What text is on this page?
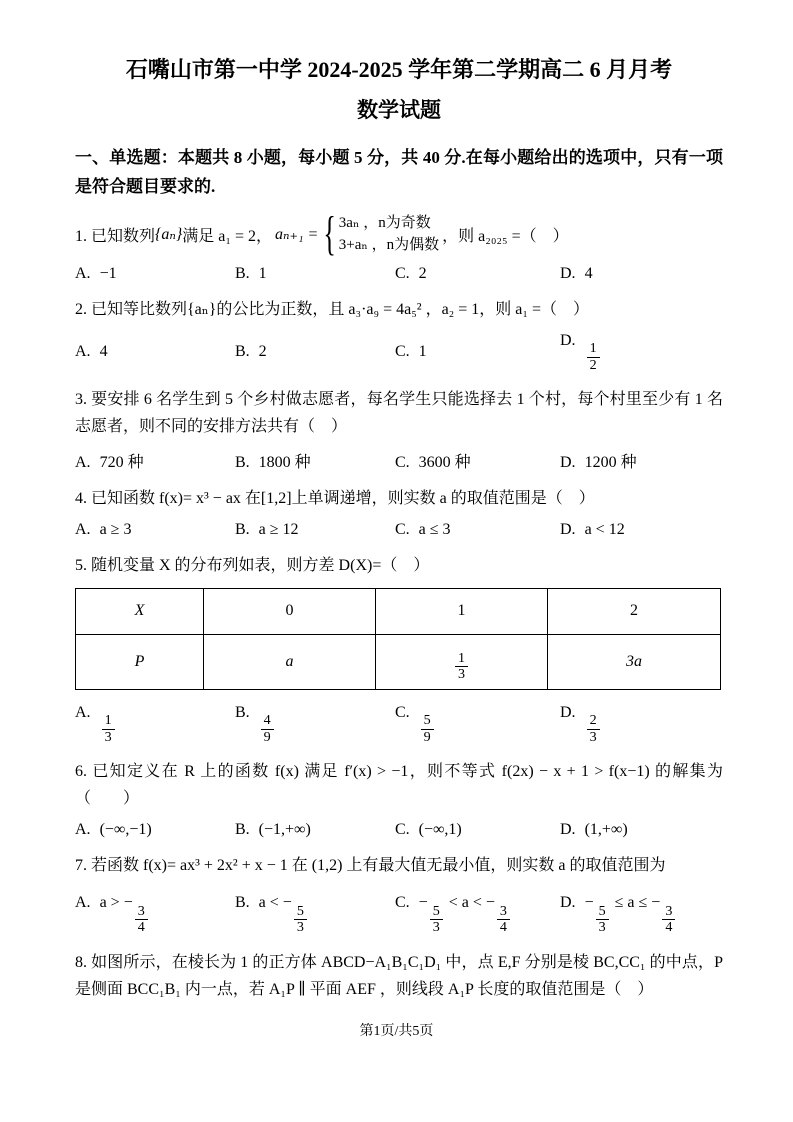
石嘴山市第一中学 2024-2025 学年第二学期高二 6 月月考
数学试题

一、单选题：本题共 8 小题，每小题 5 分，共 40 分.在每小题给出的选项中，只有一项是符合题目要求的.

1. 已知数列 {aₙ} 满足 a₁ = 2， aₙ₊₁ = { 3aₙ ，n为奇数
3+aₙ ，n为偶数
，则 a₂₀₂₅ =（　）
A. −1	B. 1	C. 2	D. 4

2. 已知等比数列{aₙ}的公比为正数，且 a₃·a₉ = 4a₅² ，a₂ = 1，则 a₁ =（　）

A. 4	B. 2	C. 1
D.
$\frac{1}{2}$

3. 要安排 6 名学生到 5 个乡村做志愿者，每名学生只能选择去 1 个村，每个村里至少有 1 名志愿者，则不同的安排方法共有（　）

A. 720 种	B. 1800 种	C. 3600 种	D. 1200 种

4. 已知函数 f(x)= x³ − ax 在[1,2]上单调递增，则实数 a 的取值范围是（　）

A. a ≥ 3	B. a ≥ 12	C. a ≤ 3	D. a < 12

5. 随机变量 X 的分布列如表，则方差 D(X)=（　）

X	0	1	2
P	a	$\frac{1}{3}$	3a
A.
$\frac{1}{3}$
B.
$\frac{4}{9}$
C.
$\frac{5}{9}$
D.
$\frac{2}{3}$

6. 已知定义在 R 上的函数 f(x) 满足 f′(x) > −1，则不等式 f(2x) − x + 1 > f(x−1) 的解集为（　　）

A. (−∞,−1)	B. (−1,+∞)	C. (−∞,1)	D. (1,+∞)

7. 若函数 f(x)= ax³ + 2x² + x − 1 在 (1,2) 上有最大值无最小值，则实数 a 的取值范围为

A. a > −
$\frac{3}{4}$
B. a < −
$\frac{5}{3}$
C. −
$\frac{5}{3}$
< a < −
$\frac{3}{4}$
D. −
$\frac{5}{3}$
≤ a ≤ −
$\frac{3}{4}$

8. 如图所示，在棱长为 1 的正方体 ABCD−A₁B₁C₁D₁ 中，点 E,F 分别是棱 BC,CC₁ 的中点，P 是侧面 BCC₁B₁ 内一点，若 A₁P ∥ 平面 AEF ，则线段 A₁P 长度的取值范围是（　）

第1页/共5页
